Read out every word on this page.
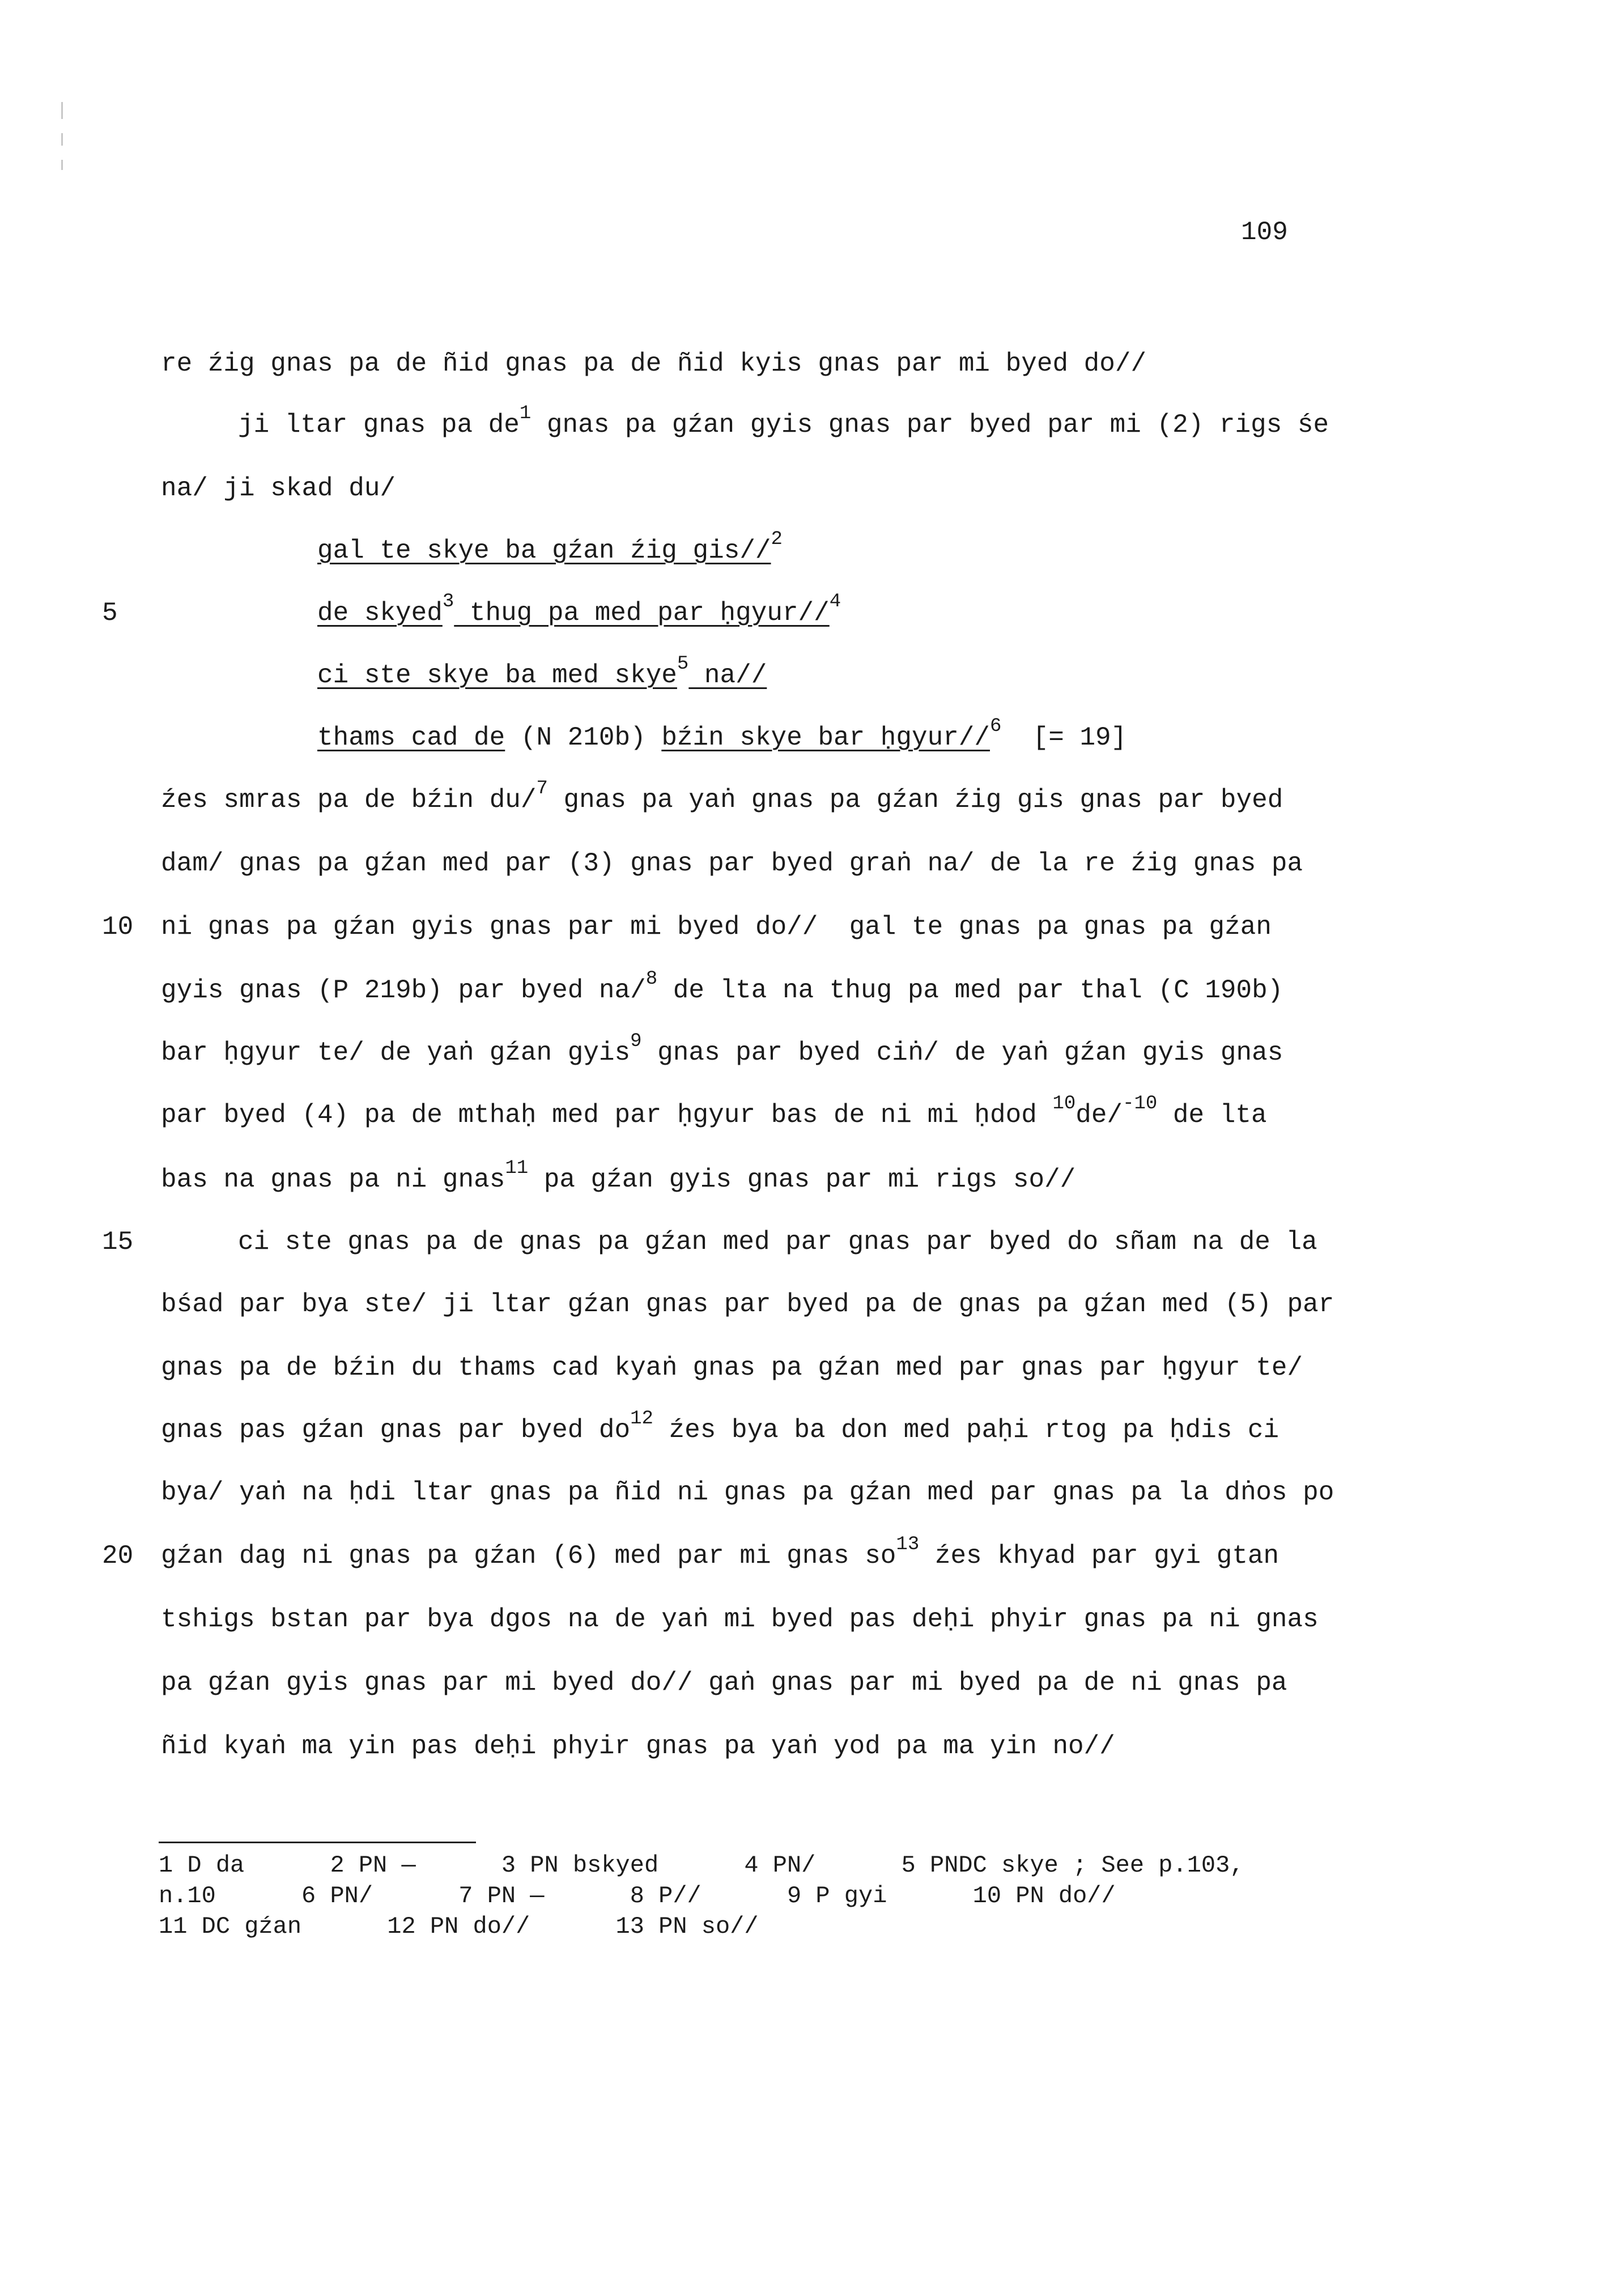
109
re źig gnas pa de ñid gnas pa de ñid kyis gnas par mi byed do//
ji ltar gnas pa $de^1$ gnas pa gźan gyis gnas par byed par mi (2) rigs śe
na/ ji skad du/
gal te skye ba gźan źig gis//$^2$
de skyed$^3$ thug pa med par ḥgyur//$^4$
ci ste skye ba med skye$^5$ na//
thams cad de (N 210b) bźin skye bar ḥgyur//$^6$  [= 19]
źes smras pa de bźin du/$^7$ gnas pa yaṅ gnas pa gźan źig gis gnas par byed
dam/ gnas pa gźan med par (3) gnas par byed graṅ na/ de la re źig gnas pa
ni gnas pa gźan gyis gnas par mi byed do//  gal te gnas pa gnas pa gźan
gyis gnas (P 219b) par byed na/$^8$ de lta na thug pa med par thal (C 190b)
bar ḥgyur te/ de yaṅ gźan gyis$^9$ gnas par byed ciṅ/ de yaṅ gźan gyis gnas
par byed (4) pa de mthaḥ med par ḥgyur bas de ni mi ḥdod $^{10}$de/$^{-10}$ de lta
bas na gnas pa ni gnas$^{11}$ pa gźan gyis gnas par mi rigs so//
ci ste gnas pa de gnas pa gźan med par gnas par byed do sñam na de la
bśad par bya ste/ ji ltar gźan gnas par byed pa de gnas pa gźan med (5) par
gnas pa de bźin du thams cad kyaṅ gnas pa gźan med par gnas par ḥgyur te/
gnas pas gźan gnas par byed $do^{12}$ źes bya ba don med paḥi rtog pa ḥdis ci
bya/ yaṅ na ḥdi ltar gnas pa ñid ni gnas pa gźan med par gnas pa la dṅos po
gźan dag ni gnas pa gźan (6) med par mi gnas $so^{13}$ źes khyad par gyi gtan
tshigs bstan par bya dgos na de yaṅ mi byed pas deḥi phyir gnas pa ni gnas
pa gźan gyis gnas par mi byed do// gaṅ gnas par mi byed pa de ni gnas pa
ñid kyaṅ ma yin pas deḥi phyir gnas pa yaṅ yod pa ma yin no//
5
10
15
20
1 D da      2 PN —      3 PN bskyed      4 PN/      5 PNDC skye ; See p.103,
n.10      6 PN/      7 PN —      8 P//      9 P gyi      10 PN do//
11 DC gźan      12 PN do//      13 PN so//
